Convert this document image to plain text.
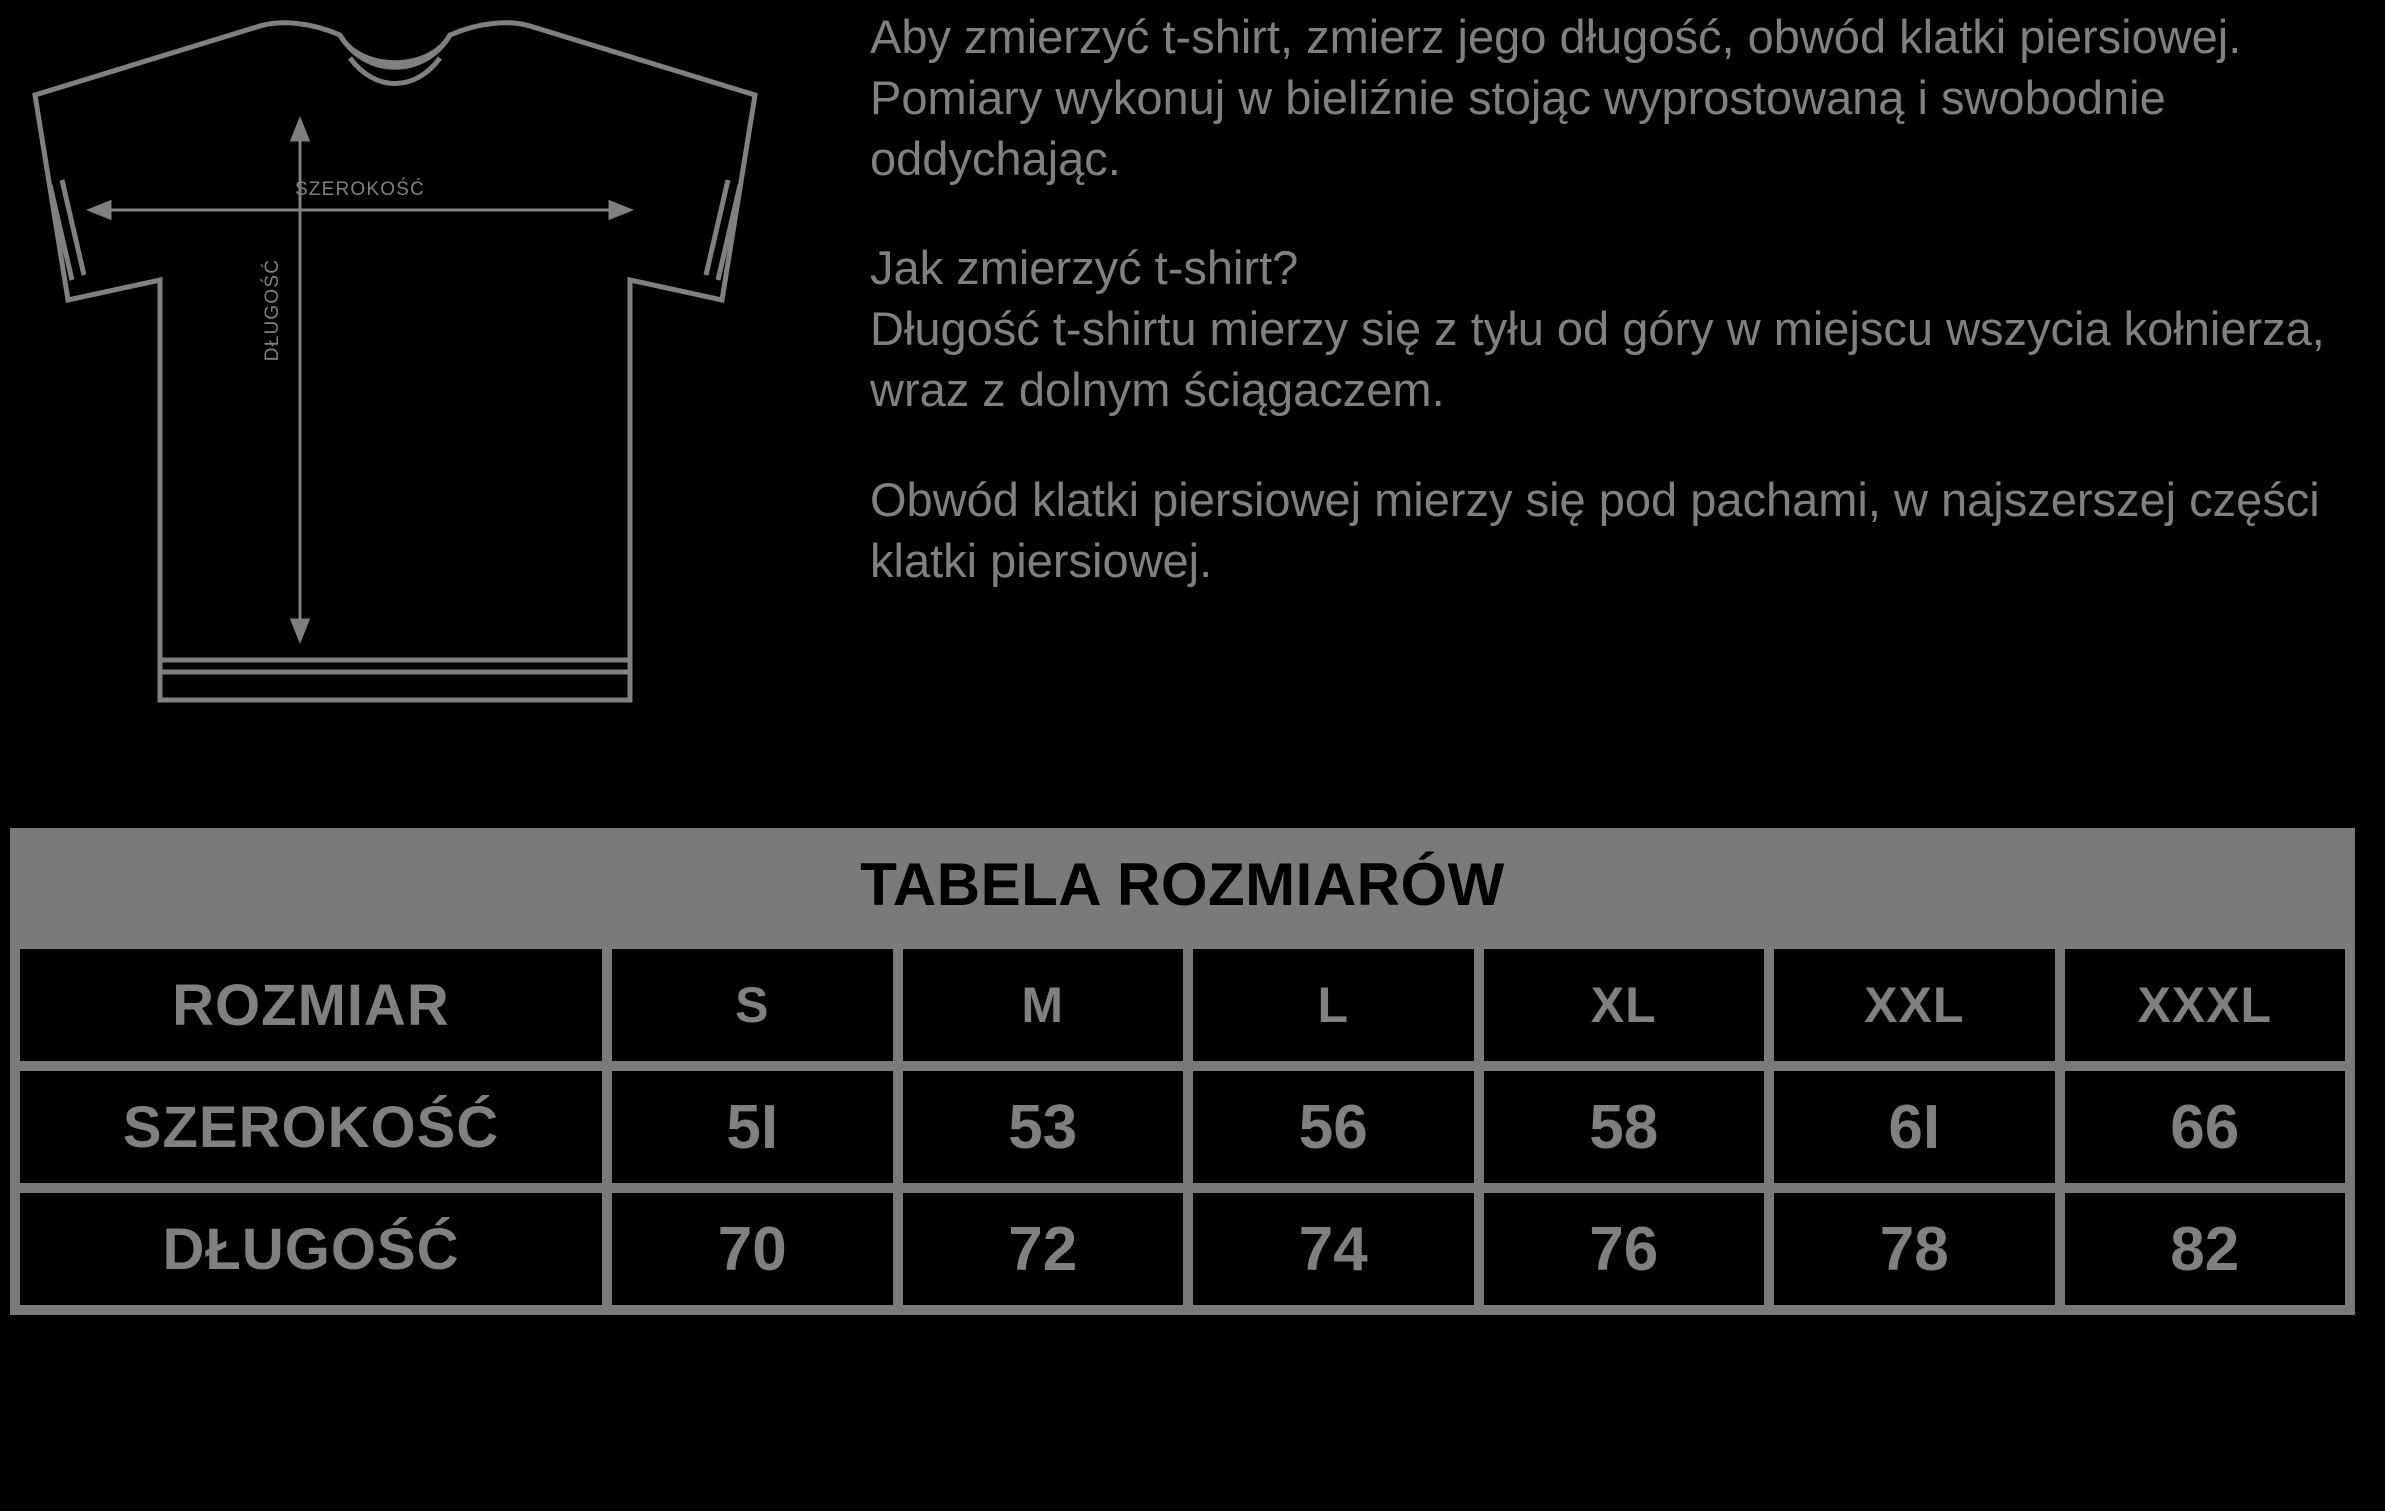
SZEROKOŚĆ
DŁUGOŚĆ

Aby zmierzyć t-shirt, zmierz jego długość, obwód klatki piersiowej. Pomiary wykonuj w bieliźnie stojąc wyprostowaną i swobodnie oddychając.

Jak zmierzyć t-shirt?

Długość t-shirtu mierzy się z tyłu od góry w miejscu wszycia kołnierza, wraz z dolnym ściągaczem.

Obwód klatki piersiowej mierzy się pod pachami, w najszerszej części klatki piersiowej.

TABELA ROZMIARÓW
ROZMIAR	S	M	L	XL	XXL	XXXL
SZEROKOŚĆ	5I	53	56	58	6I	66
DŁUGOŚĆ	70	72	74	76	78	82
